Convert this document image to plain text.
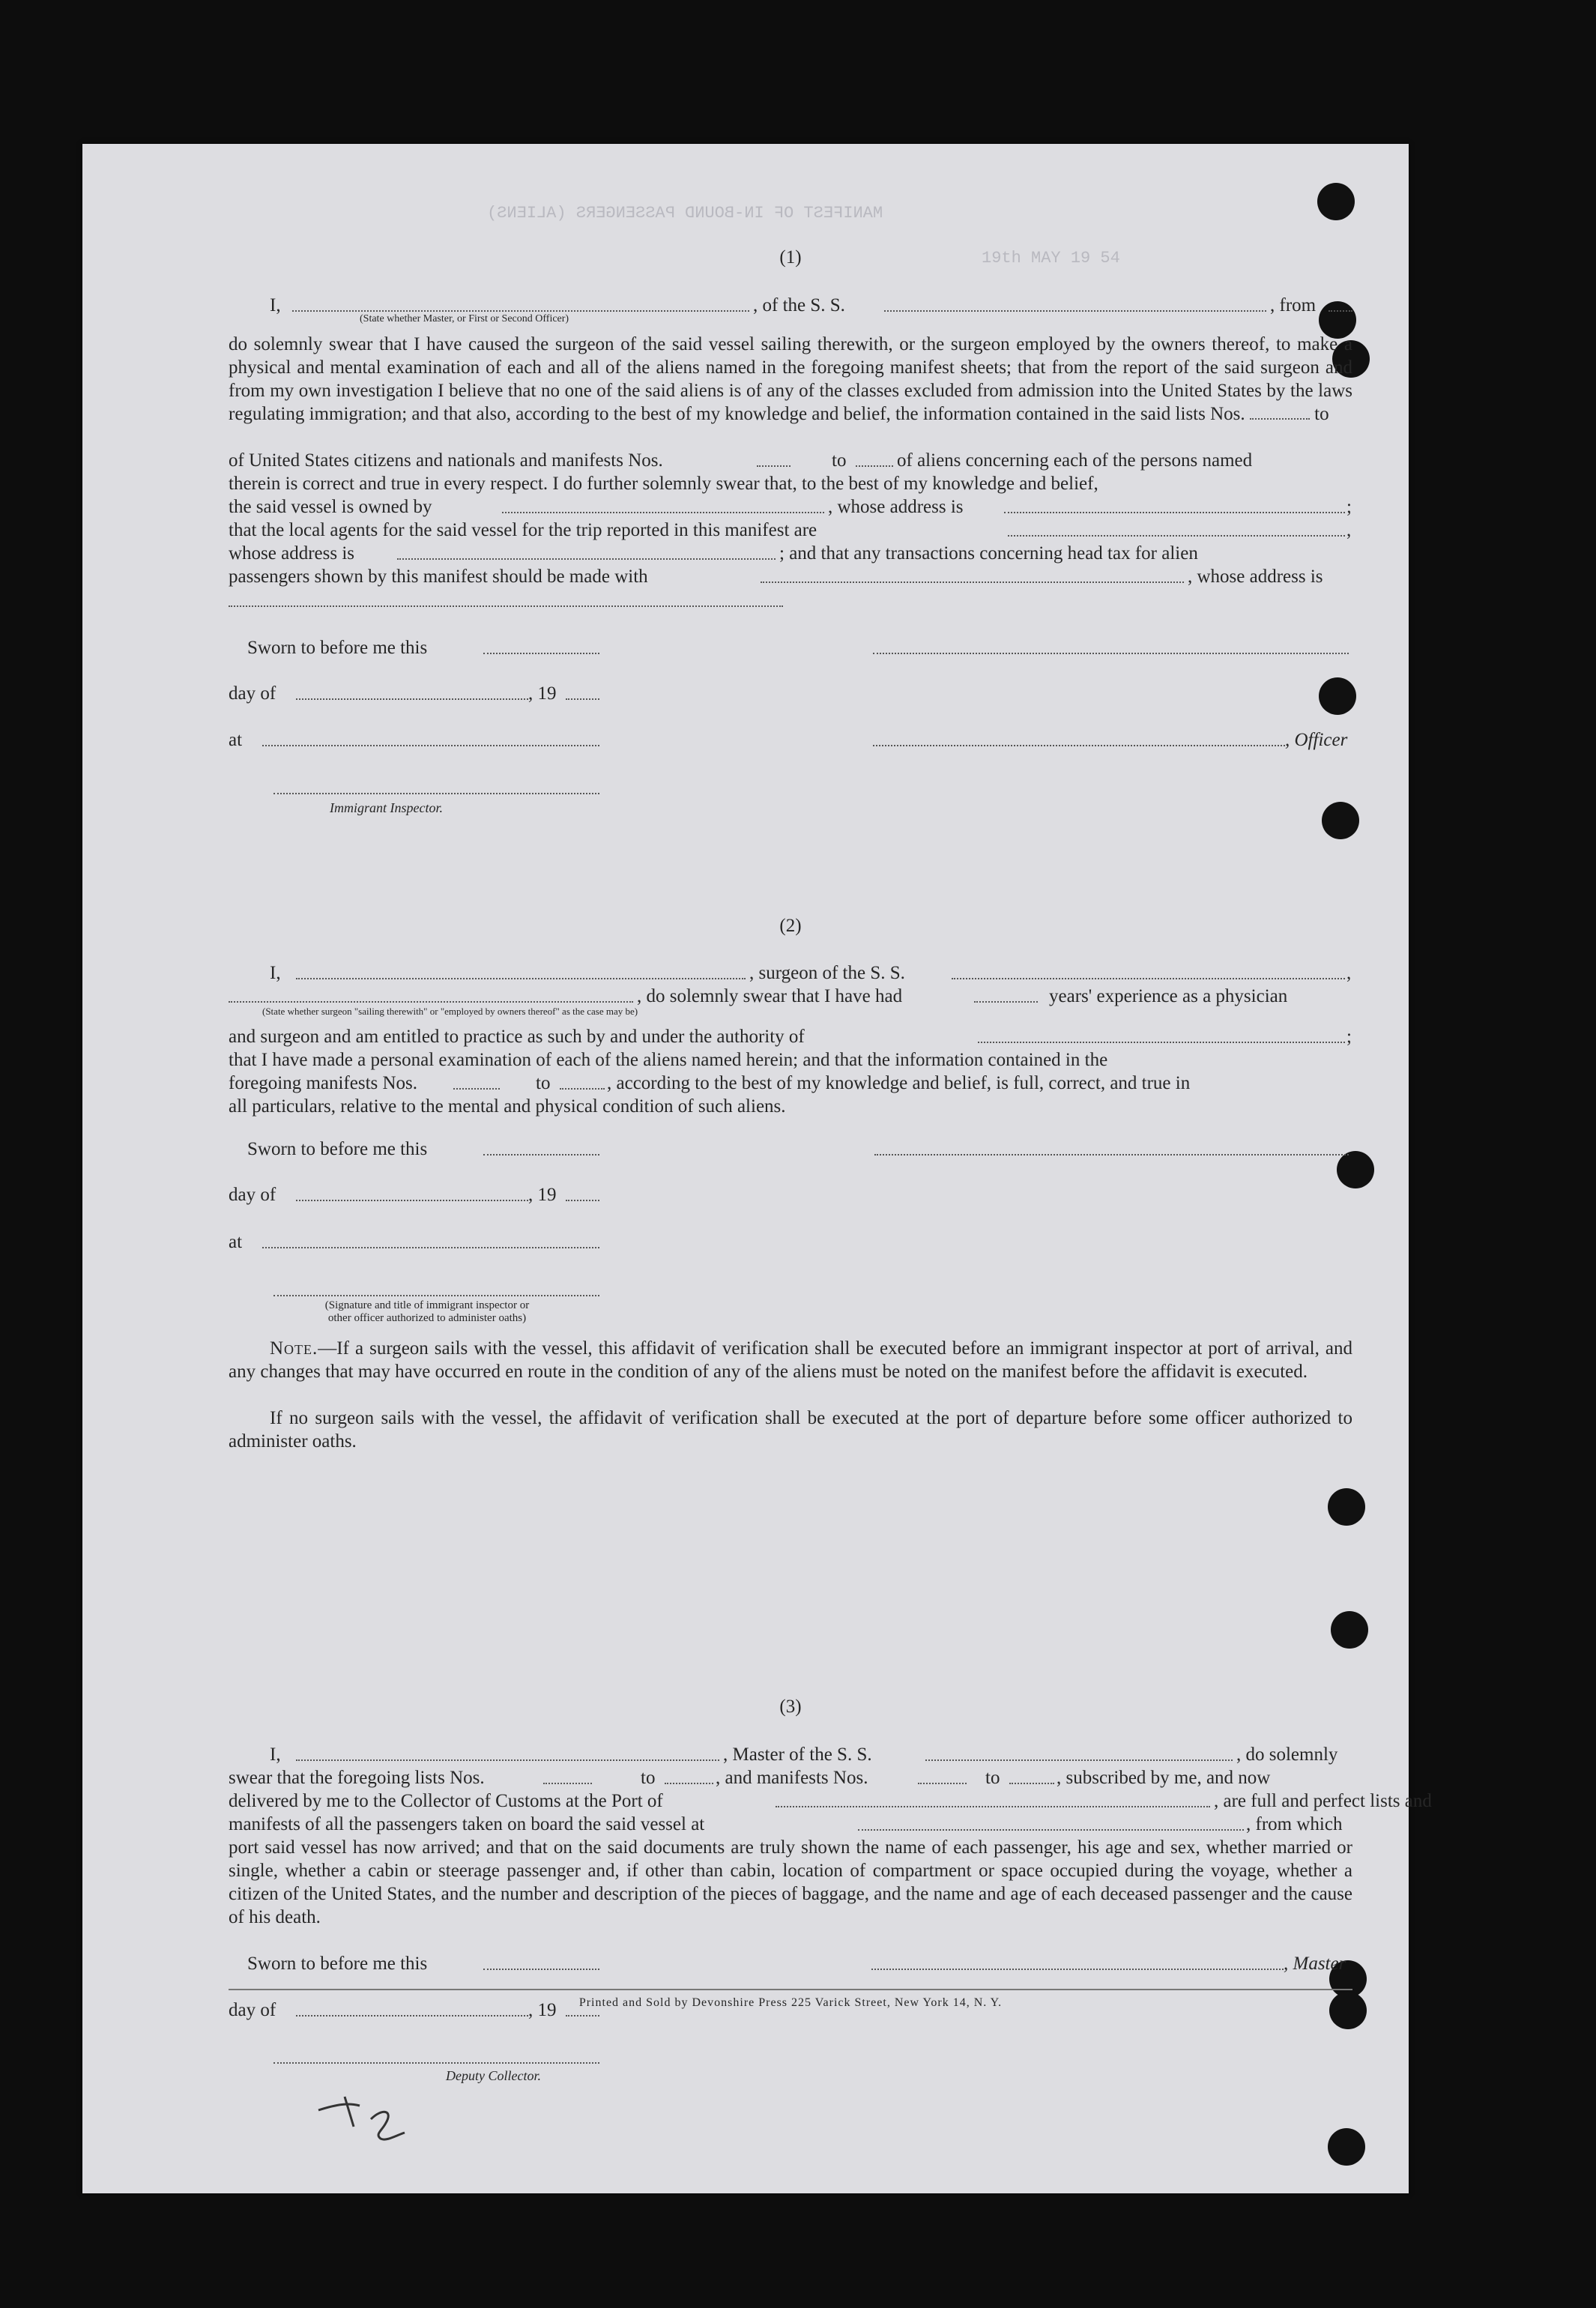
MANIFEST OF IN-BOUND PASSENGERS (ALIENS)
19th MAY 19 54
(1)
I,	, of the S. S.	, from
(State whether Master, or First or Second Officer)

do solemnly swear that I have caused the surgeon of the said vessel sailing therewith, or the surgeon employed by the owners thereof, to make a physical and mental examination of each and all of the aliens named in the foregoing manifest sheets; that from the report of the said surgeon and from my own investigation I believe that no one of the said aliens is of any of the classes excluded from admission into the United States by the laws regulating immigration; and that also, according to the best of my knowledge and belief, the information contained in the said lists Nos.	to

of United States citizens and nationals and manifests Nos.	to	of aliens concerning each of the persons named
therein is correct and true in every respect. I do further solemnly swear that, to the best of my knowledge and belief,
the said vessel is owned by	, whose address is	;
that the local agents for the said vessel for the trip reported in this manifest are	,
whose address is	; and that any transactions concerning head tax for alien
passengers shown by this manifest should be made with	, whose address is
Sworn to before me this
day of	, 19
at	, Officer
Immigrant Inspector.
(2)
I,	, surgeon of the S. S.	,
, do solemnly swear that I have had	years' experience as a physician
(State whether surgeon "sailing therewith" or "employed by owners thereof" as the case may be)
and surgeon and am entitled to practice as such by and under the authority of	;
that I have made a personal examination of each of the aliens named herein; and that the information contained in the
foregoing manifests Nos.	to	, according to the best of my knowledge and belief, is full, correct, and true in
all particulars, relative to the mental and physical condition of such aliens.
Sworn to before me this
day of	, 19
at
(Signature and title of immigrant inspector or
other officer authorized to administer oaths)

Note.—If a surgeon sails with the vessel, this affidavit of verification shall be executed before an immigrant inspector at port of arrival, and any changes that may have occurred en route in the condition of any of the aliens must be noted on the manifest before the affidavit is executed.

If no surgeon sails with the vessel, the affidavit of verification shall be executed at the port of departure before some officer authorized to administer oaths.

(3)
I,	, Master of the S. S.	, do solemnly
swear that the foregoing lists Nos.	to	, and manifests Nos.	to	, subscribed by me, and now
delivered by me to the Collector of Customs at the Port of	, are full and perfect lists and
manifests of all the passengers taken on board the said vessel at	, from which

port said vessel has now arrived; and that on the said documents are truly shown the name of each passenger, his age and sex, whether married or single, whether a cabin or steerage passenger and, if other than cabin, location of compartment or space occupied during the voyage, whether a citizen of the United States, and the number and description of the pieces of baggage, and the name and age of each deceased passenger and the cause of his death.

Sworn to before me this	, Master
day of	, 19
Deputy Collector.
Printed and Sold by Devonshire Press 225 Varick Street, New York 14, N. Y.
